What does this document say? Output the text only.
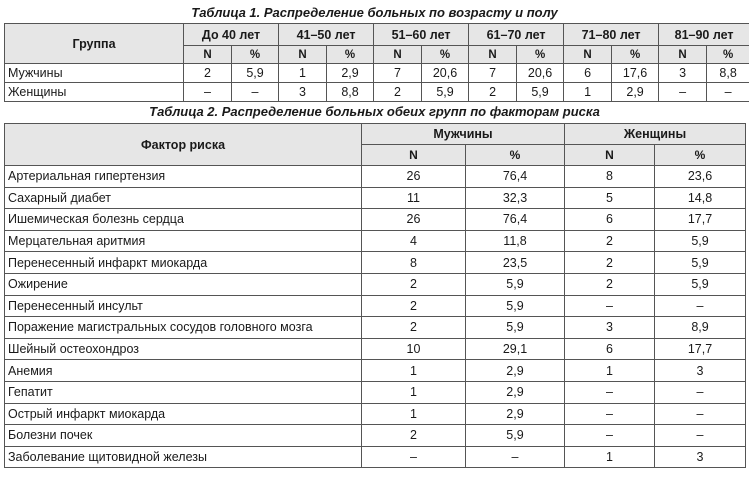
Таблица 1. Распределение больных по возрасту и полу

Группа	До 40 лет		41–50 лет		51–60 лет		61–70 лет		71–80 лет		81–90 лет	
	N	%	N	%	N	%	N	%	N	%	N	%
Мужчины	2	5,9	1	2,9	7	20,6	7	20,6	6	17,6	3	8,8
Женщины	–	–	3	8,8	2	5,9	2	5,9	1	2,9	–	–

Таблица 2. Распределение больных обеих групп по факторам риска

Фактор риска	Мужчины		Женщины	
	N	%	N	%
Артериальная гипертензия	26	76,4	8	23,6
Сахарный диабет	11	32,3	5	14,8
Ишемическая болезнь сердца	26	76,4	6	17,7
Мерцательная аритмия	4	11,8	2	5,9
Перенесенный инфаркт миокарда	8	23,5	2	5,9
Ожирение	2	5,9	2	5,9
Перенесенный инсульт	2	5,9	–	–
Поражение магистральных сосудов головного мозга	2	5,9	3	8,9
Шейный остеохондроз	10	29,1	6	17,7
Анемия	1	2,9	1	3
Гепатит	1	2,9	–	–
Острый инфаркт миокарда	1	2,9	–	–
Болезни почек	2	5,9	–	–
Заболевание щитовидной железы	–	–	1	3
